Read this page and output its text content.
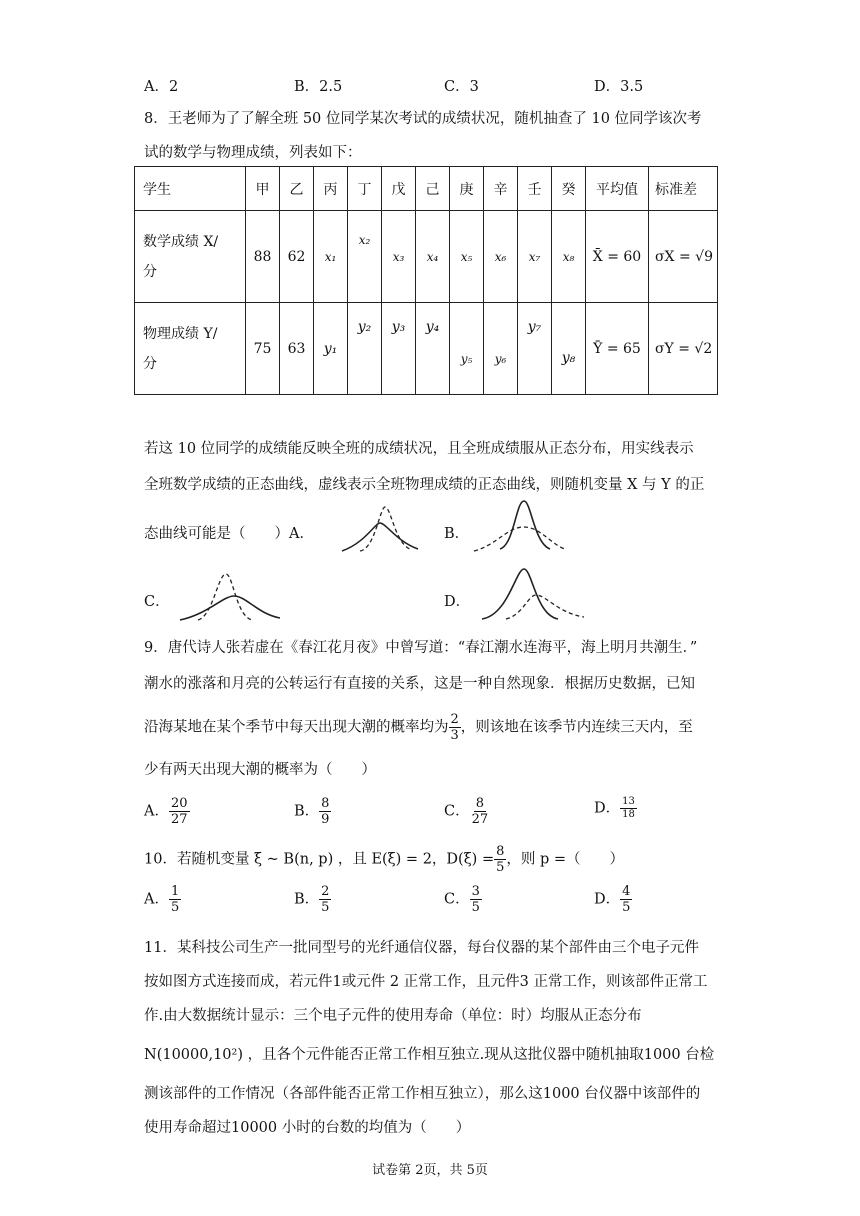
A．2	B．2.5	C．3	D．3.5
8．王老师为了了解全班 50 位同学某次考试的成绩状况，随机抽查了 10 位同学该次考
试的数学与物理成绩，列表如下：
学生	甲	乙	丙	丁	戊	己	庚	辛	壬	癸	平均值	标准差
数学成绩 X/
分	88	62	x₁	x₂	x₃	x₄	x₅	x₆	x₇	x₈	X̄ = 60	σX = √9
物理成绩 Y/
分	75	63	y₁	y₂	y₃	y₄	y₅	y₆	y₇	y₈	Ȳ = 65	σY = √2
若这 10 位同学的成绩能反映全班的成绩状况，且全班成绩服从正态分布，用实线表示
全班数学成绩的正态曲线，虚线表示全班物理成绩的正态曲线，则随机变量 X 与 Y 的正
态曲线可能是（　　）A．	B．
C．	D．
9．唐代诗人张若虚在《春江花月夜》中曾写道：“春江潮水连海平，海上明月共潮生．”
潮水的涨落和月亮的公转运行有直接的关系，这是一种自然现象．根据历史数据，已知
沿海某地在某个季节中每天出现大潮的概率均为 $\frac{2}{3}$ ，则该地在该季节内连续三天内，至
少有两天出现大潮的概率为（　　）
A． $\frac{20}{27}$	B． $\frac{8}{9}$	C． $\frac{8}{27}$	D． $\frac{13}{18}$
10．若随机变量 ξ ~ B(n, p) ，且 E(ξ) = 2，$D(\xi) = \frac{8}{5}$ ，则 p =（　　）
A． $\frac{1}{5}$	B． $\frac{2}{5}$	C． $\frac{3}{5}$	D． $\frac{4}{5}$
11．某科技公司生产一批同型号的光纤通信仪器，每台仪器的某个部件由三个电子元件
按如图方式连接而成，若元件1或元件 2 正常工作，且元件3 正常工作，则该部件正常工
作.由大数据统计显示：三个电子元件的使用寿命（单位：时）均服从正态分布
N(10000,10²) ，且各个元件能否正常工作相互独立.现从这批仪器中随机抽取1000 台检
测该部件的工作情况（各部件能否正常工作相互独立），那么这1000 台仪器中该部件的
使用寿命超过10000 小时的台数的均值为（　　）
试卷第 2页，共 5页
